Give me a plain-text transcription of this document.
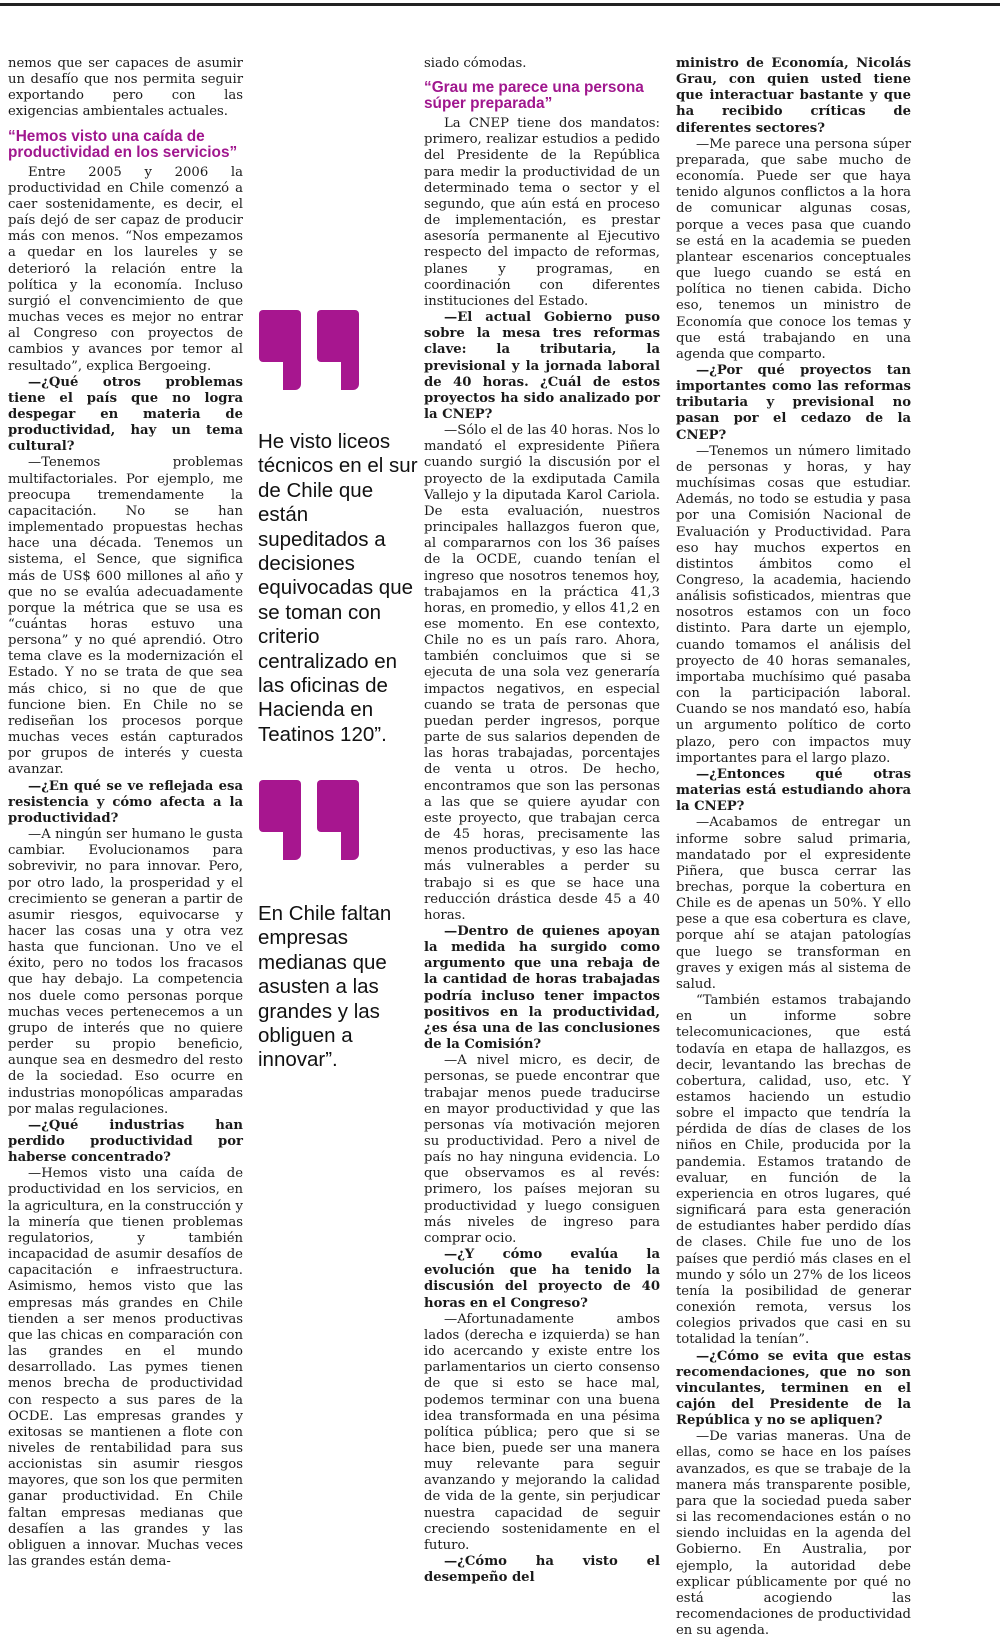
nemos que ser capaces de asumir un desafío que nos permita seguir exportando pero con las exigencias ambientales actuales.

“Hemos visto una caída de productividad en los servicios”

Entre 2005 y 2006 la productividad en Chile comenzó a caer sostenidamente, es decir, el país dejó de ser capaz de producir más con menos. “Nos empezamos a quedar en los laureles y se deterioró la relación entre la política y la economía. Incluso surgió el convencimiento de que muchas veces es mejor no entrar al Congreso con proyectos de cambios y avances por temor al resultado”, explica Bergoeing.

—¿Qué otros problemas tiene el país que no logra despegar en materia de productividad, hay un tema cultural?

—Tenemos problemas multifactoriales. Por ejemplo, me preocupa tremendamente la capacitación. No se han implementado propuestas hechas hace una década. Tenemos un sistema, el Sence, que significa más de US$ 600 millones al año y que no se evalúa adecuadamente porque la métrica que se usa es “cuántas horas estuvo una persona” y no qué aprendió. Otro tema clave es la modernización el Estado. Y no se trata de que sea más chico, si no que de que funcione bien. En Chile no se rediseñan los procesos porque muchas veces están capturados por grupos de interés y cuesta avanzar.

—¿En qué se ve reflejada esa resistencia y cómo afecta a la productividad?

—A ningún ser humano le gusta cambiar. Evolucionamos para sobrevivir, no para innovar. Pero, por otro lado, la prosperidad y el crecimiento se generan a partir de asumir riesgos, equivocarse y hacer las cosas una y otra vez hasta que funcionan. Uno ve el éxito, pero no todos los fracasos que hay debajo. La competencia nos duele como personas porque muchas veces pertenecemos a un grupo de interés que no quiere perder su propio beneficio, aunque sea en desmedro del resto de la sociedad. Eso ocurre en industrias monopólicas amparadas por malas regulaciones.

—¿Qué industrias han perdido productividad por haberse concentrado?

—Hemos visto una caída de productividad en los servicios, en la agricultura, en la construcción y la minería que tienen problemas regulatorios, y también incapacidad de asumir desafíos de capacitación e infraestructura. Asimismo, hemos visto que las empresas más grandes en Chile tienden a ser menos productivas que las chicas en comparación con las grandes en el mundo desarrollado. Las pymes tienen menos brecha de productividad con respecto a sus pares de la OCDE. Las empresas grandes y exitosas se mantienen a flote con niveles de rentabilidad para sus accionistas sin asumir riesgos mayores, que son los que permiten ganar productividad. En Chile faltan empresas medianas que desafíen a las grandes y las obliguen a innovar. Muchas veces las grandes están dema-

He visto liceos técnicos en el sur de Chile que están supeditados a decisiones equivocadas que se toman con criterio centralizado en las oficinas de Hacienda en Teatinos 120”.
En Chile faltan empresas medianas que asusten a las grandes y las obliguen a innovar”.

siado cómodas.

“Grau me parece una persona súper preparada”

La CNEP tiene dos mandatos: primero, realizar estudios a pedido del Presidente de la República para medir la productividad de un determinado tema o sector y el segundo, que aún está en proceso de implementación, es prestar asesoría permanente al Ejecutivo respecto del impacto de reformas, planes y programas, en coordinación con diferentes instituciones del Estado.

—El actual Gobierno puso sobre la mesa tres reformas clave: la tributaria, la previsional y la jornada laboral de 40 horas. ¿Cuál de estos proyectos ha sido analizado por la CNEP?

—Sólo el de las 40 horas. Nos lo mandató el expresidente Piñera cuando surgió la discusión por el proyecto de la exdiputada Camila Vallejo y la diputada Karol Cariola. De esta evaluación, nuestros principales hallazgos fueron que, al compararnos con los 36 países de la OCDE, cuando tenían el ingreso que nosotros tenemos hoy, trabajamos en la práctica 41,3 horas, en promedio, y ellos 41,2 en ese momento. En ese contexto, Chile no es un país raro. Ahora, también concluimos que si se ejecuta de una sola vez generaría impactos negativos, en especial cuando se trata de personas que puedan perder ingresos, porque parte de sus salarios dependen de las horas trabajadas, porcentajes de venta u otros. De hecho, encontramos que son las personas a las que se quiere ayudar con este proyecto, que trabajan cerca de 45 horas, precisamente las menos productivas, y eso las hace más vulnerables a perder su trabajo si es que se hace una reducción drástica desde 45 a 40 horas.

—Dentro de quienes apoyan la medida ha surgido como argumento que una rebaja de la cantidad de horas trabajadas podría incluso tener impactos positivos en la productividad, ¿es ésa una de las conclusiones de la Comisión?

—A nivel micro, es decir, de personas, se puede encontrar que trabajar menos puede traducirse en mayor productividad y que las personas vía motivación mejoren su productividad. Pero a nivel de país no hay ninguna evidencia. Lo que observamos es al revés: primero, los países mejoran su productividad y luego consiguen más niveles de ingreso para comprar ocio.

—¿Y cómo evalúa la evolución que ha tenido la discusión del proyecto de 40 horas en el Congreso?

—Afortunadamente ambos lados (derecha e izquierda) se han ido acercando y existe entre los parlamentarios un cierto consenso de que si esto se hace mal, podemos terminar con una buena idea transformada en una pésima política pública; pero que si se hace bien, puede ser una manera muy relevante para seguir avanzando y mejorando la calidad de vida de la gente, sin perjudicar nuestra capacidad de seguir creciendo sostenidamente en el futuro.

—¿Cómo ha visto el desempeño del

ministro de Economía, Nicolás Grau, con quien usted tiene que interactuar bastante y que ha recibido críticas de diferentes sectores?

—Me parece una persona súper preparada, que sabe mucho de economía. Puede ser que haya tenido algunos conflictos a la hora de comunicar algunas cosas, porque a veces pasa que cuando se está en la academia se pueden plantear escenarios conceptuales que luego cuando se está en política no tienen cabida. Dicho eso, tenemos un ministro de Economía que conoce los temas y que está trabajando en una agenda que comparto.

—¿Por qué proyectos tan importantes como las reformas tributaria y previsional no pasan por el cedazo de la CNEP?

—Tenemos un número limitado de personas y horas, y hay muchísimas cosas que estudiar. Además, no todo se estudia y pasa por una Comisión Nacional de Evaluación y Productividad. Para eso hay muchos expertos en distintos ámbitos como el Congreso, la academia, haciendo análisis sofisticados, mientras que nosotros estamos con un foco distinto. Para darte un ejemplo, cuando tomamos el análisis del proyecto de 40 horas semanales, importaba muchísimo qué pasaba con la participación laboral. Cuando se nos mandató eso, había un argumento político de corto plazo, pero con impactos muy importantes para el largo plazo.

—¿Entonces qué otras materias está estudiando ahora la CNEP?

—Acabamos de entregar un informe sobre salud primaria, mandatado por el expresidente Piñera, que busca cerrar las brechas, porque la cobertura en Chile es de apenas un 50%. Y ello pese a que esa cobertura es clave, porque ahí se atajan patologías que luego se transforman en graves y exigen más al sistema de salud.

“También estamos trabajando en un informe sobre telecomunicaciones, que está todavía en etapa de hallazgos, es decir, levantando las brechas de cobertura, calidad, uso, etc. Y estamos haciendo un estudio sobre el impacto que tendría la pérdida de días de clases de los niños en Chile, producida por la pandemia. Estamos tratando de evaluar, en función de la experiencia en otros lugares, qué significará para esta generación de estudiantes haber perdido días de clases. Chile fue uno de los países que perdió más clases en el mundo y sólo un 27% de los liceos tenía la posibilidad de generar conexión remota, versus los colegios privados que casi en su totalidad la tenían”.

—¿Cómo se evita que estas recomendaciones, que no son vinculantes, terminen en el cajón del Presidente de la República y no se apliquen?

—De varias maneras. Una de ellas, como se hace en los países avanzados, es que se trabaje de la manera más transparente posible, para que la sociedad pueda saber si las recomendaciones están o no siendo incluidas en la agenda del Gobierno. En Australia, por ejemplo, la autoridad debe explicar públicamente por qué no está acogiendo las recomendaciones de productividad en su agenda.
